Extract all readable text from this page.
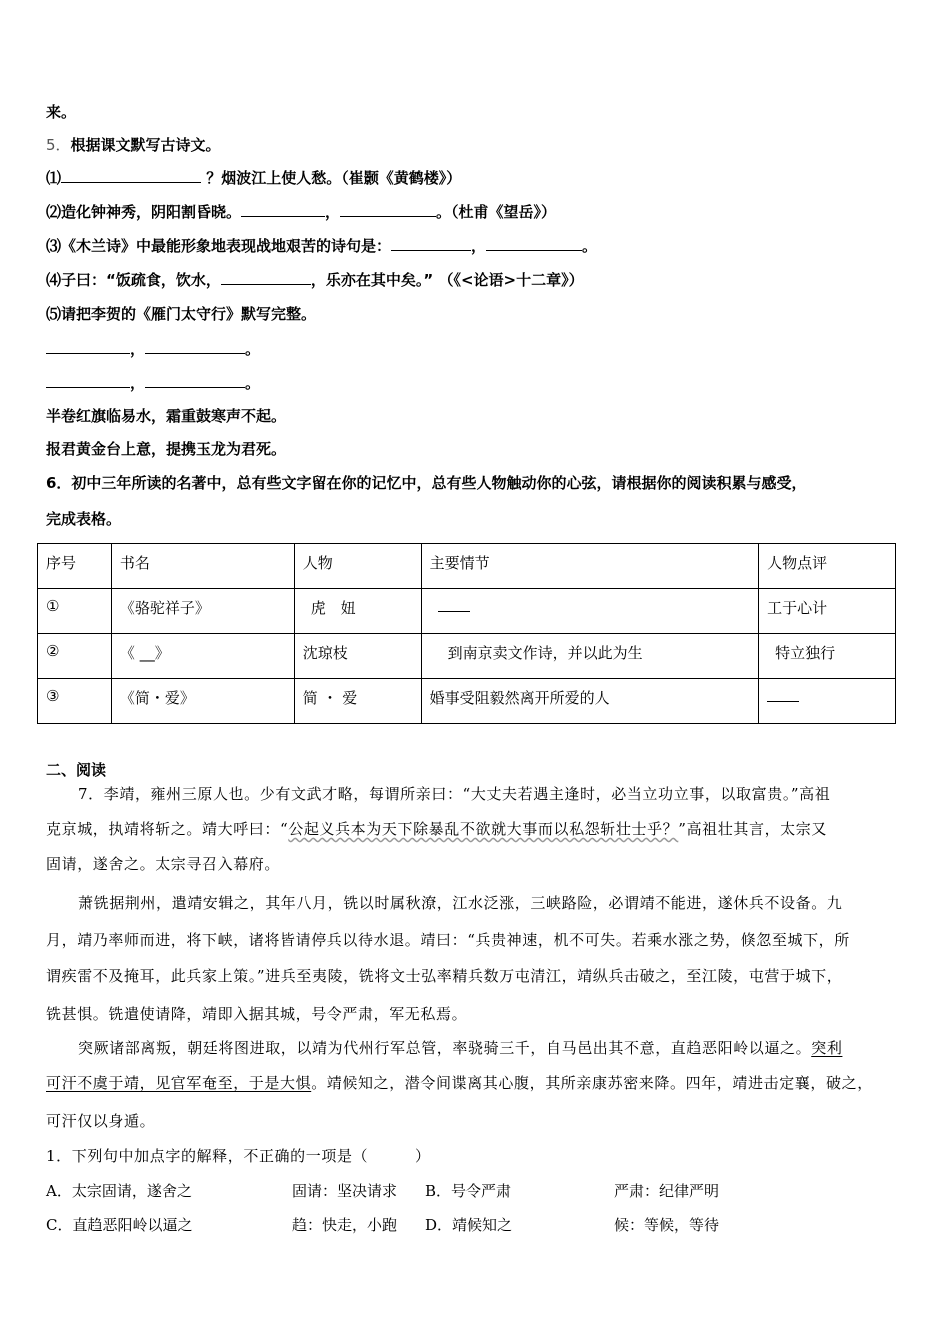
来。
5．根据课文默写古诗文。
⑴	？烟波江上使人愁。（崔颢《黄鹤楼》）
⑵造化钟神秀，阴阳割昏晓。	，	。（杜甫《望岳》）
⑶《木兰诗》中最能形象地表现战地艰苦的诗句是：	，	。
⑷子曰：“饭疏食，饮水，	，乐亦在其中矣。” （《<论语>十二章》）
⑸请把李贺的《雁门太守行》默写完整。
，	。
，	。
半卷红旗临易水，霜重鼓寒声不起。
报君黄金台上意，提携玉龙为君死。
6．初中三年所读的名著中，总有些文字留在你的记忆中，总有些人物触动你的心弦，请根据你的阅读积累与感受，
完成表格。
序号	书名	人物	主要情节	人物点评
①	《骆驼祥子》	虎　妞		工于心计
②	《 __》	沈琼枝	到南京卖文作诗，并以此为生	特立独行
③	《简・爱》	简 ・ 爱	婚事受阻毅然离开所爱的人	
二、阅读
7．李靖，雍州三原人也。少有文武才略，每谓所亲曰：“大丈夫若遇主逢时，必当立功立事，以取富贵。”高祖
克京城，执靖将斩之。靖大呼曰：“公起义兵本为天下除暴乱不欲就大事而以私怨斩壮士乎？”高祖壮其言，太宗又
固请，遂舍之。太宗寻召入幕府。
萧铣据荆州，遣靖安辑之，其年八月，铣以时属秋潦，江水泛涨，三峡路险，必谓靖不能进，遂休兵不设备。九
月，靖乃率师而进，将下峡，诸将皆请停兵以待水退。靖曰：“兵贵神速，机不可失。若乘水涨之势，倏忽至城下，所
谓疾雷不及掩耳，此兵家上策。”进兵至夷陵，铣将文士弘率精兵数万屯清江，靖纵兵击破之，至江陵，屯营于城下，
铣甚惧。铣遣使请降，靖即入据其城，号令严肃，军无私焉。
突厥诸部离叛，朝廷将图进取，以靖为代州行军总管，率骁骑三千，自马邑出其不意，直趋恶阳岭以逼之。突利
可汗不虞于靖，见官军奄至，于是大惧。靖候知之，潜令间谍离其心腹，其所亲康苏密来降。四年，靖进击定襄，破之，
可汗仅以身遁。
1．下列句中加点字的解释，不正确的一项是（　　　）
A．太宗固请，遂舍之	固请：坚决请求 B．号令严肃	严肃：纪律严明
C．直趋恶阳岭以逼之	趋：快走，小跑 D．靖候知之	候：等候，等待
